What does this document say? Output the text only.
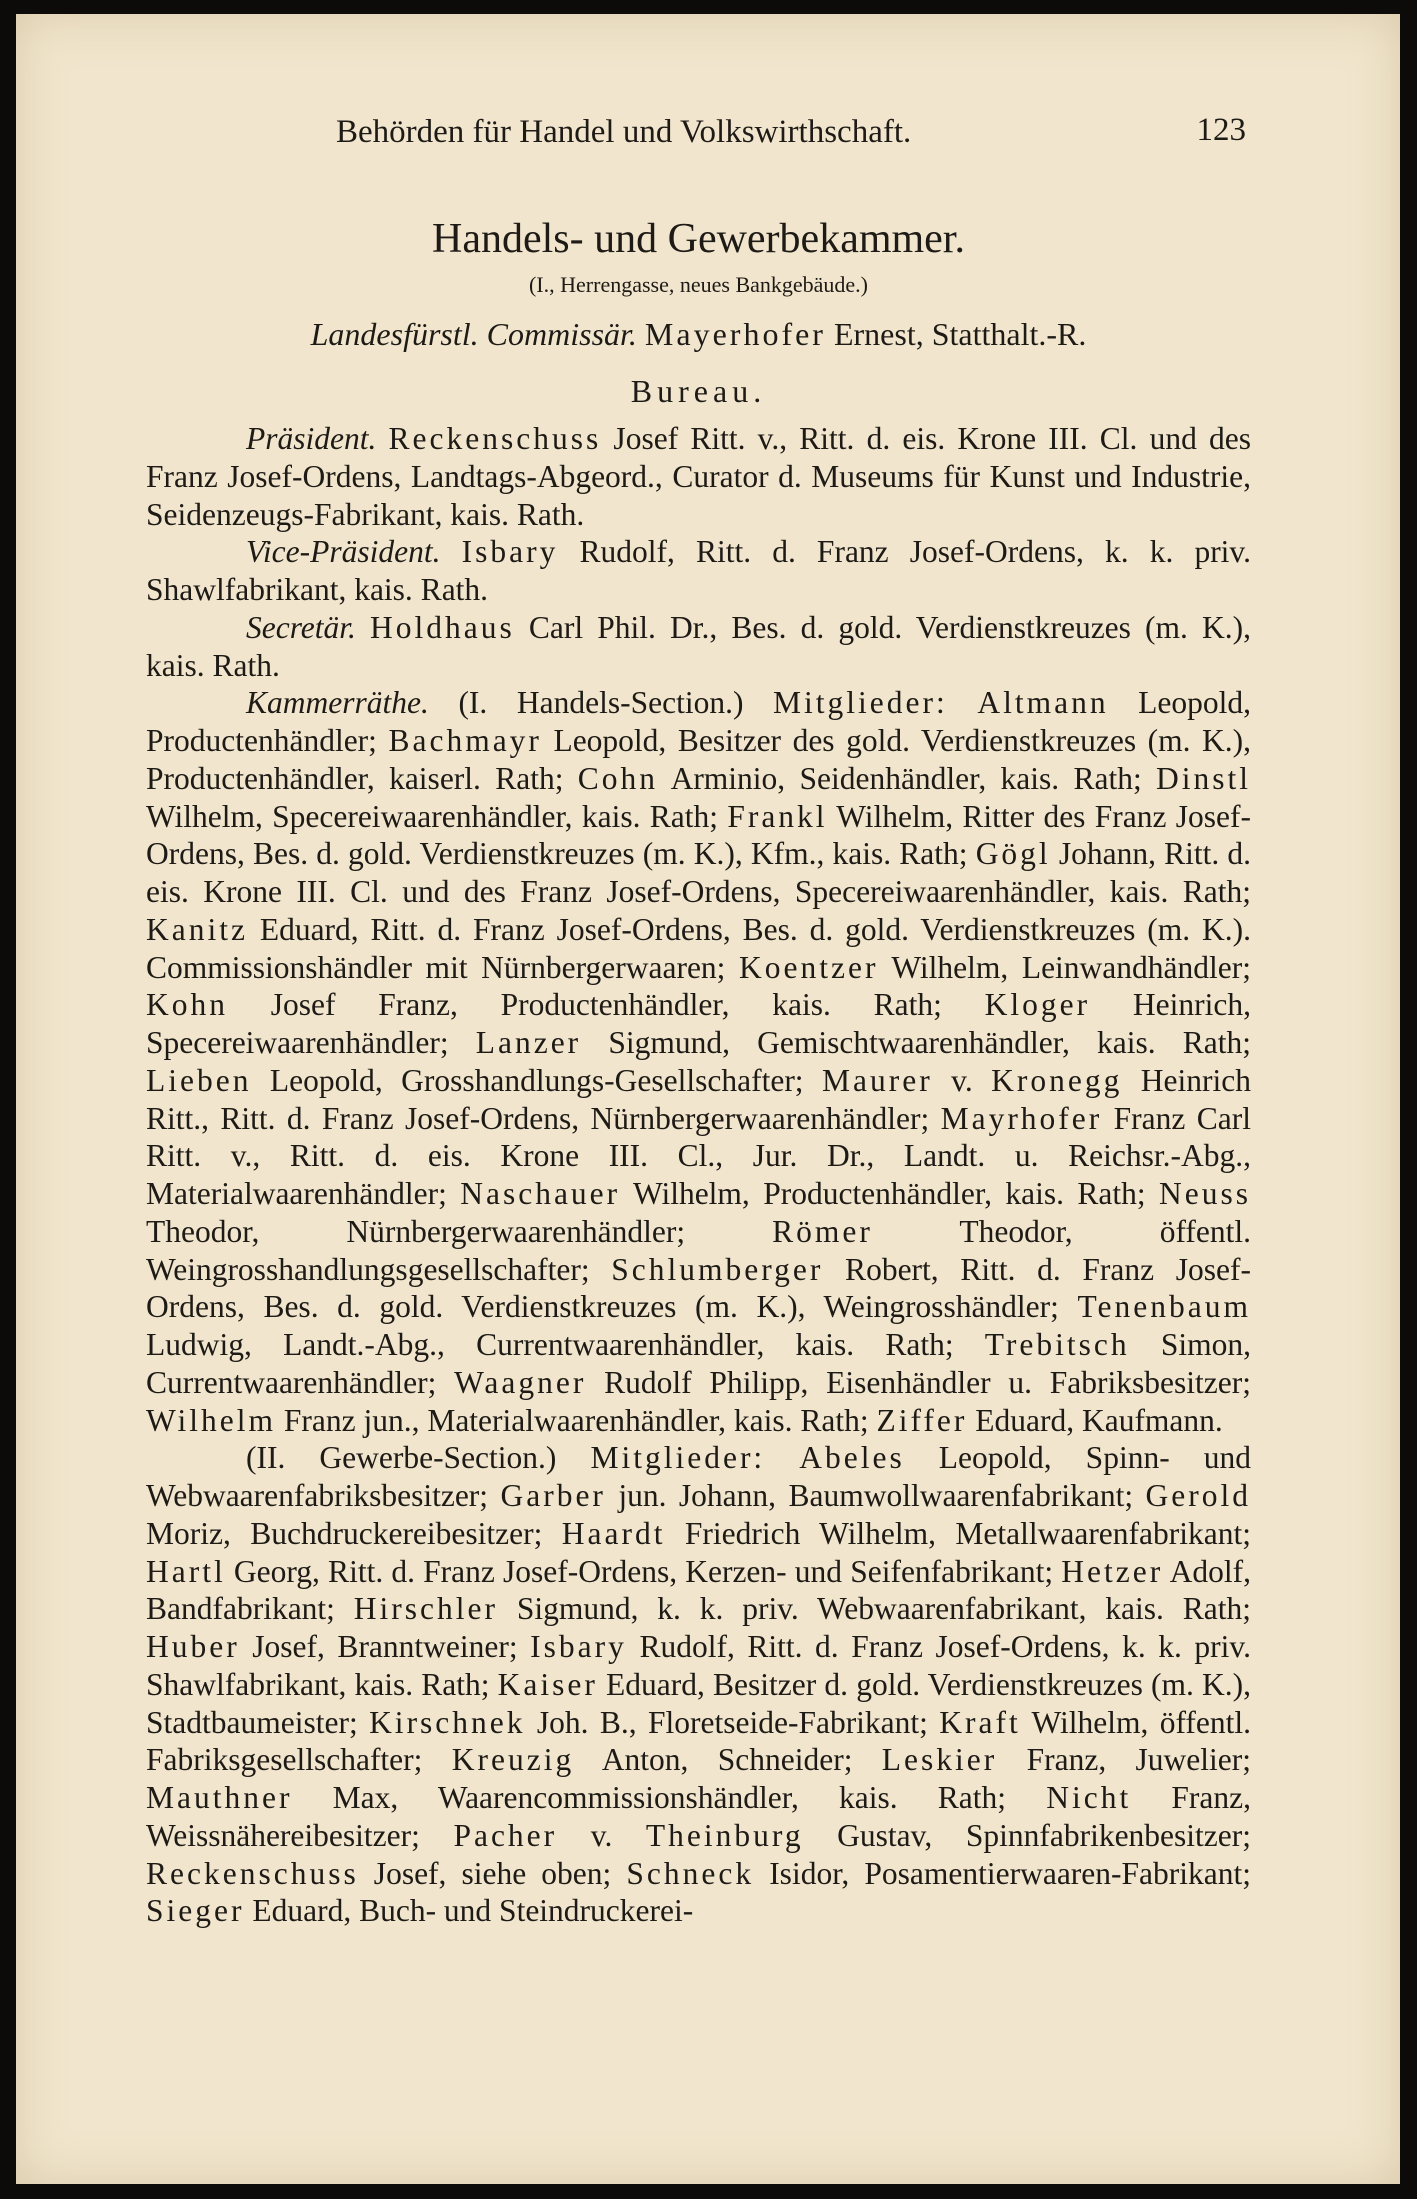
Behörden für Handel und Volkswirthschaft.	123
Handels- und Gewerbekammer.
(I., Herrengasse, neues Bankgebäude.)
Landesfürstl. Commissär. Mayerhofer Ernest, Statthalt.-R.
Bureau.

Präsident. Reckenschuss Josef Ritt. v., Ritt. d. eis. Krone III. Cl. und des Franz Josef-Ordens, Landtags-Abgeord., Curator d. Museums für Kunst und Industrie, Seidenzeugs-Fabrikant, kais. Rath.

Vice-Präsident. Isbary Rudolf, Ritt. d. Franz Josef-Ordens, k. k. priv. Shawlfabrikant, kais. Rath.

Secretär. Holdhaus Carl Phil. Dr., Bes. d. gold. Verdienstkreuzes (m. K.), kais. Rath.

Kammerräthe. (I. Handels-Section.) Mitglieder: Altmann Leopold, Productenhändler; Bachmayr Leopold, Besitzer des gold. Verdienstkreuzes (m. K.), Productenhändler, kaiserl. Rath; Cohn Arminio, Seidenhändler, kais. Rath; Dinstl Wilhelm, Specereiwaarenhändler, kais. Rath; Frankl Wilhelm, Ritter des Franz Josef-Ordens, Bes. d. gold. Verdienstkreuzes (m. K.), Kfm., kais. Rath; Gögl Johann, Ritt. d. eis. Krone III. Cl. und des Franz Josef-Ordens, Specereiwaarenhändler, kais. Rath; Kanitz Eduard, Ritt. d. Franz Josef-Ordens, Bes. d. gold. Verdienstkreuzes (m. K.). Commissionshändler mit Nürnbergerwaaren; Koentzer Wilhelm, Leinwandhändler; Kohn Josef Franz, Productenhändler, kais. Rath; Kloger Heinrich, Specereiwaarenhändler; Lanzer Sigmund, Gemischtwaarenhändler, kais. Rath; Lieben Leopold, Grosshandlungs-Gesellschafter; Maurer v. Kronegg Heinrich Ritt., Ritt. d. Franz Josef-Ordens, Nürnbergerwaarenhändler; Mayrhofer Franz Carl Ritt. v., Ritt. d. eis. Krone III. Cl., Jur. Dr., Landt. u. Reichsr.-Abg., Materialwaarenhändler; Naschauer Wilhelm, Productenhändler, kais. Rath; Neuss Theodor, Nürnbergerwaarenhändler; Römer Theodor, öffentl. Weingrosshandlungsgesellschafter; Schlumberger Robert, Ritt. d. Franz Josef-Ordens, Bes. d. gold. Verdienstkreuzes (m. K.), Weingrosshändler; Tenenbaum Ludwig, Landt.-Abg., Currentwaarenhändler, kais. Rath; Trebitsch Simon, Currentwaarenhändler; Waagner Rudolf Philipp, Eisenhändler u. Fabriksbesitzer; Wilhelm Franz jun., Materialwaarenhändler, kais. Rath; Ziffer Eduard, Kaufmann.

(II. Gewerbe-Section.) Mitglieder: Abeles Leopold, Spinn- und Webwaarenfabriksbesitzer; Garber jun. Johann, Baumwollwaarenfabrikant; Gerold Moriz, Buchdruckereibesitzer; Haardt Friedrich Wilhelm, Metallwaarenfabrikant; Hartl Georg, Ritt. d. Franz Josef-Ordens, Kerzen- und Seifenfabrikant; Hetzer Adolf, Bandfabrikant; Hirschler Sigmund, k. k. priv. Webwaarenfabrikant, kais. Rath; Huber Josef, Branntweiner; Isbary Rudolf, Ritt. d. Franz Josef-Ordens, k. k. priv. Shawlfabrikant, kais. Rath; Kaiser Eduard, Besitzer d. gold. Verdienstkreuzes (m. K.), Stadtbaumeister; Kirschnek Joh. B., Floretseide-Fabrikant; Kraft Wilhelm, öffentl. Fabriksgesellschafter; Kreuzig Anton, Schneider; Leskier Franz, Juwelier; Mauthner Max, Waarencommissionshändler, kais. Rath; Nicht Franz, Weissnähereibesitzer; Pacher v. Theinburg Gustav, Spinnfabrikenbesitzer; Reckenschuss Josef, siehe oben; Schneck Isidor, Posamentierwaaren-Fabrikant; Sieger Eduard, Buch- und Steindruckerei-
